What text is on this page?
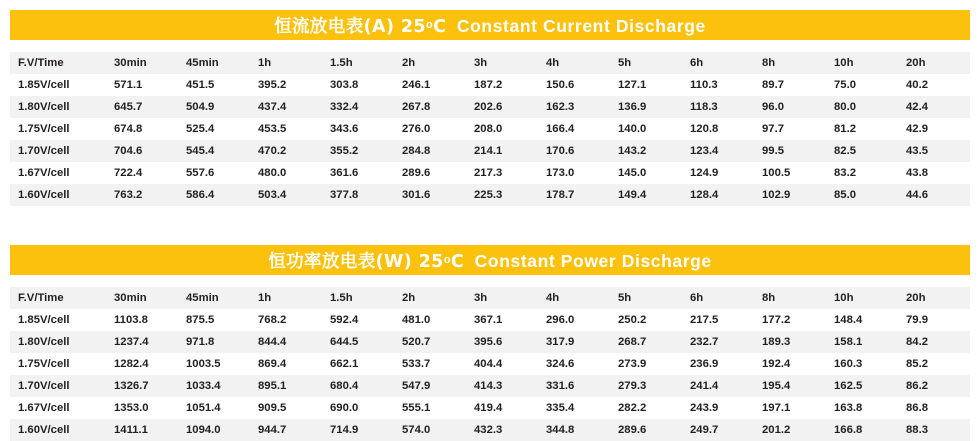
恒流放电表(A) 25$^o$C Constant Current Discharge
F.V/Time	30min	45min	1h	1.5h	2h	3h	4h	5h	6h	8h	10h	20h
1.85V/cell	571.1	451.5	395.2	303.8	246.1	187.2	150.6	127.1	110.3	89.7	75.0	40.2
1.80V/cell	645.7	504.9	437.4	332.4	267.8	202.6	162.3	136.9	118.3	96.0	80.0	42.4
1.75V/cell	674.8	525.4	453.5	343.6	276.0	208.0	166.4	140.0	120.8	97.7	81.2	42.9
1.70V/cell	704.6	545.4	470.2	355.2	284.8	214.1	170.6	143.2	123.4	99.5	82.5	43.5
1.67V/cell	722.4	557.6	480.0	361.6	289.6	217.3	173.0	145.0	124.9	100.5	83.2	43.8
1.60V/cell	763.2	586.4	503.4	377.8	301.6	225.3	178.7	149.4	128.4	102.9	85.0	44.6
恒功率放电表(W) 25$^o$C Constant Power Discharge
F.V/Time	30min	45min	1h	1.5h	2h	3h	4h	5h	6h	8h	10h	20h
1.85V/cell	1103.8	875.5	768.2	592.4	481.0	367.1	296.0	250.2	217.5	177.2	148.4	79.9
1.80V/cell	1237.4	971.8	844.4	644.5	520.7	395.6	317.9	268.7	232.7	189.3	158.1	84.2
1.75V/cell	1282.4	1003.5	869.4	662.1	533.7	404.4	324.6	273.9	236.9	192.4	160.3	85.2
1.70V/cell	1326.7	1033.4	895.1	680.4	547.9	414.3	331.6	279.3	241.4	195.4	162.5	86.2
1.67V/cell	1353.0	1051.4	909.5	690.0	555.1	419.4	335.4	282.2	243.9	197.1	163.8	86.8
1.60V/cell	1411.1	1094.0	944.7	714.9	574.0	432.3	344.8	289.6	249.7	201.2	166.8	88.3
